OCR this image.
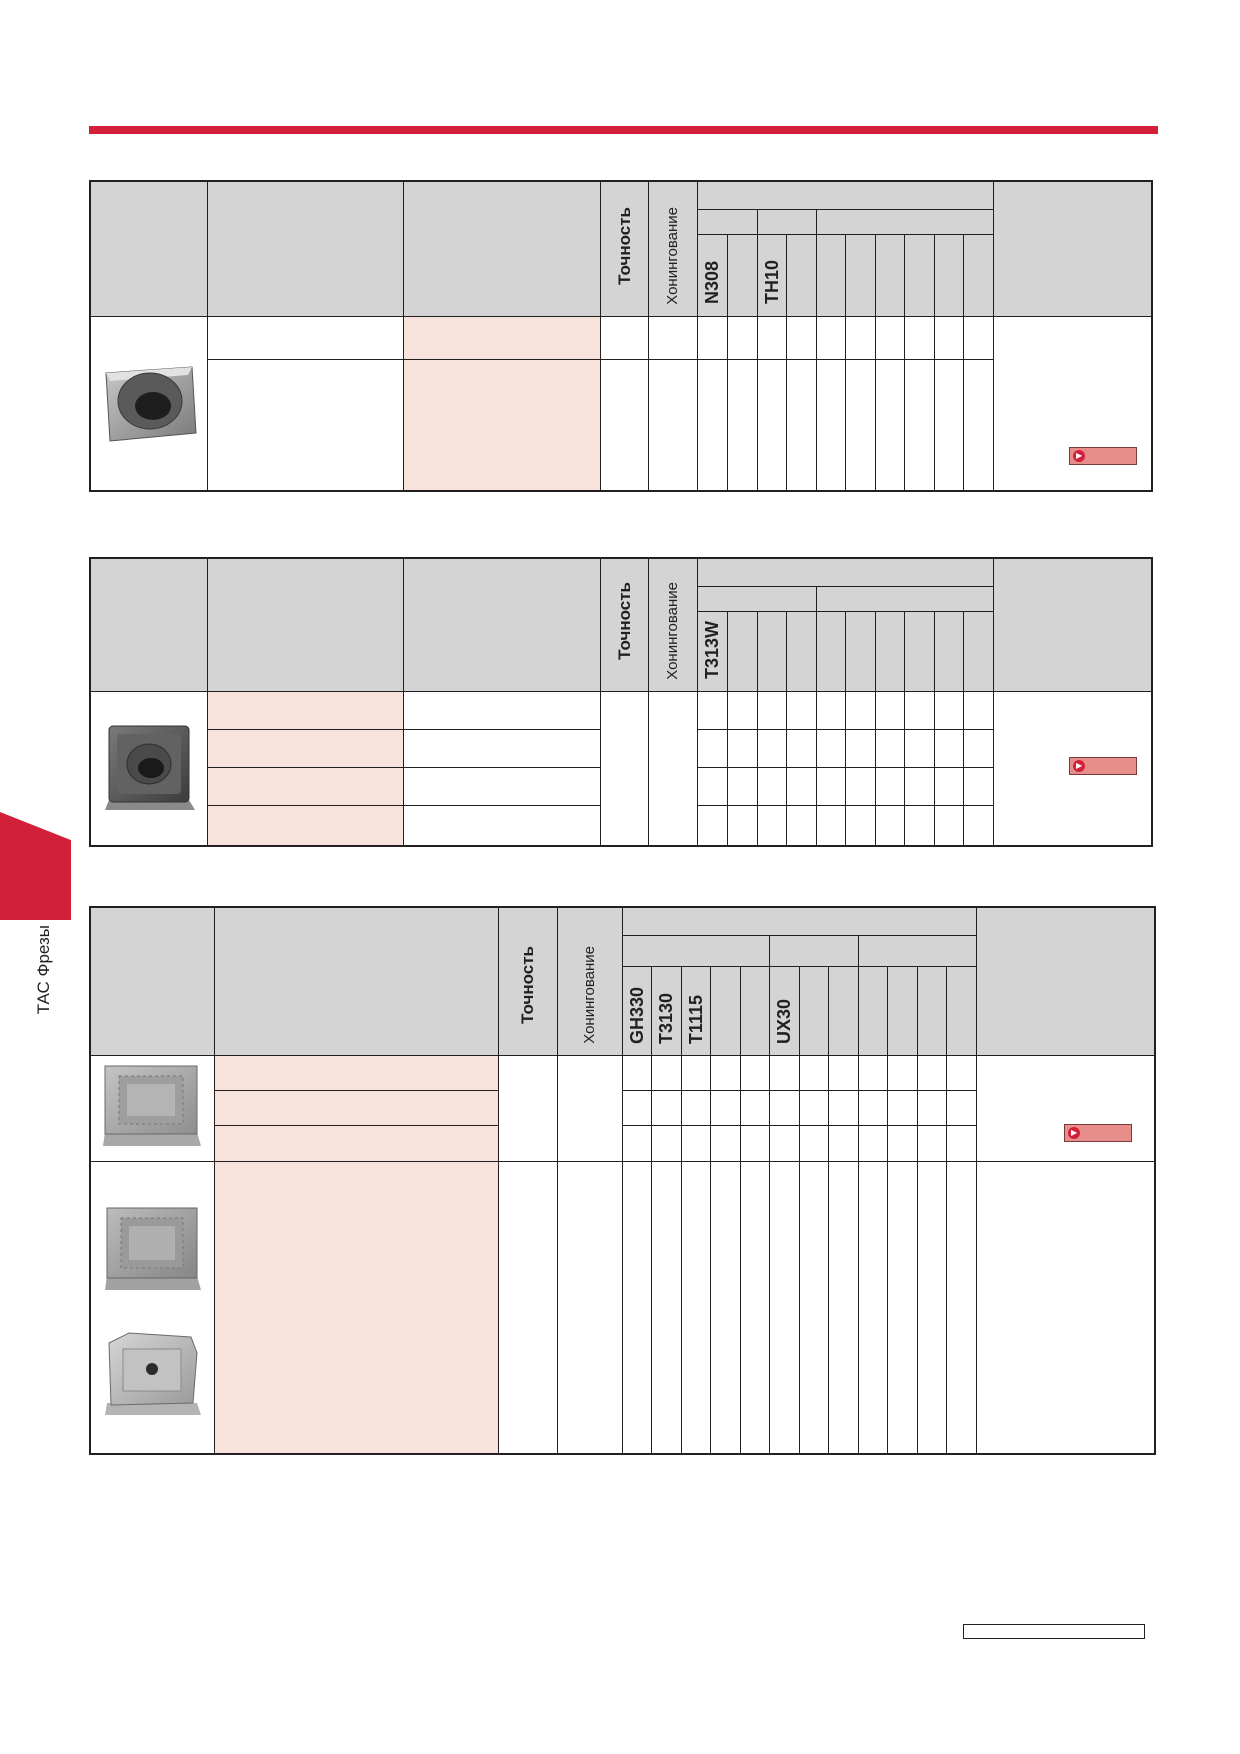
			Точность	Хонингование											

					N308		TH10								

▶

			Точность	Хонингование											

					T313W										

▶

		Точность	Хонингование													

				GH330	T3130	T1115			UX30							

▶

ТАС Фрезы
